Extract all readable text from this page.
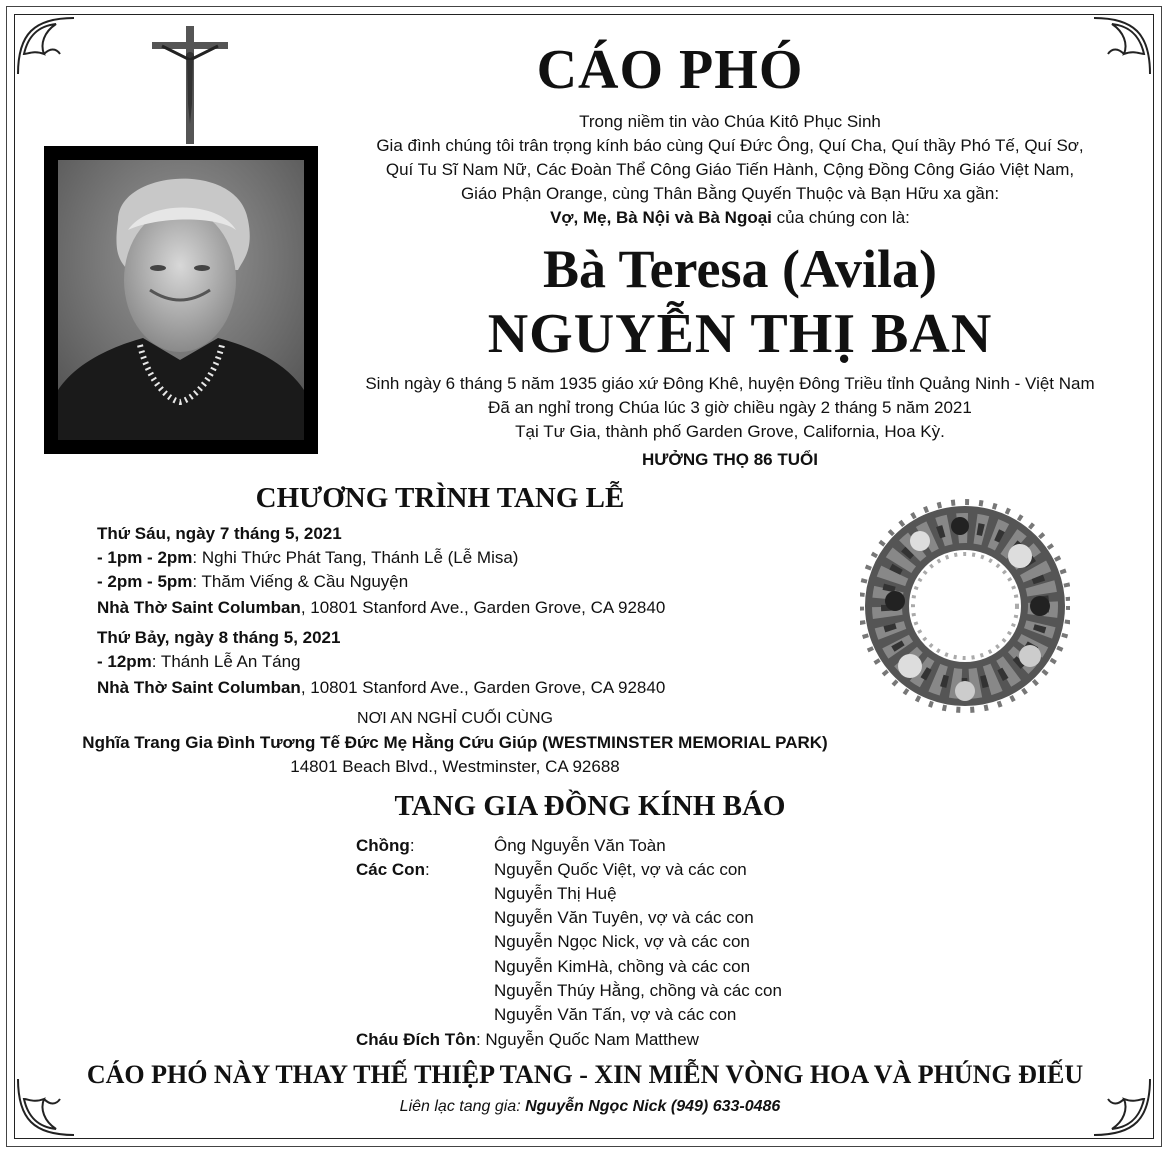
CÁO PHÓ
Trong niềm tin vào Chúa Kitô Phục Sinh
Gia đình chúng tôi trân trọng kính báo cùng Quí Đức Ông, Quí Cha, Quí thầy Phó Tế, Quí Sơ,
Quí Tu Sĩ Nam Nữ, Các Đoàn Thể Công Giáo Tiến Hành, Cộng Đồng Công Giáo Việt Nam,
Giáo Phận Orange, cùng Thân Bằng Quyến Thuộc và Bạn Hữu xa gần:
Vợ, Mẹ, Bà Nội và Bà Ngoại của chúng con là:
Bà Teresa (Avila)
NGUYỄN THỊ BAN
Sinh ngày 6 tháng 5 năm 1935 giáo xứ Đông Khê, huyện Đông Triều tỉnh Quảng Ninh - Việt Nam
Đã an nghỉ trong Chúa lúc 3 giờ chiều ngày 2 tháng 5 năm 2021
Tại Tư Gia, thành phố Garden Grove, California, Hoa Kỳ.
HƯỞNG THỌ 86 TUỔI
CHƯƠNG TRÌNH TANG LỄ
Thứ Sáu, ngày 7 tháng 5, 2021
- 1pm - 2pm: Nghi Thức Phát Tang, Thánh Lễ (Lễ Misa)
- 2pm - 5pm: Thăm Viếng & Cầu Nguyện
Nhà Thờ Saint Columban, 10801 Stanford Ave., Garden Grove, CA 92840
Thứ Bảy, ngày 8 tháng 5, 2021
- 12pm: Thánh Lễ An Táng
Nhà Thờ Saint Columban, 10801 Stanford Ave., Garden Grove, CA 92840
NƠI AN NGHỈ CUỐI CÙNG
Nghĩa Trang Gia Đình Tương Tế Đức Mẹ Hằng Cứu Giúp (WESTMINSTER MEMORIAL PARK)
14801 Beach Blvd., Westminster, CA 92688
TANG GIA ĐỒNG KÍNH BÁO
Chồng:	Ông Nguyễn Văn Toàn
Các Con:	Nguyễn Quốc Việt, vợ và các con
Nguyễn Thị Huệ
Nguyễn Văn Tuyên, vợ và các con
Nguyễn Ngọc Nick, vợ và các con
Nguyễn KimHà, chồng và các con
Nguyễn Thúy Hằng, chồng và các con
Nguyễn Văn Tấn, vợ và các con
Cháu Đích Tôn: Nguyễn Quốc Nam Matthew
CÁO PHÓ NÀY THAY THẾ THIỆP TANG - XIN MIỄN VÒNG HOA VÀ PHÚNG ĐIẾU
Liên lạc tang gia: Nguyễn Ngọc Nick (949) 633-0486
